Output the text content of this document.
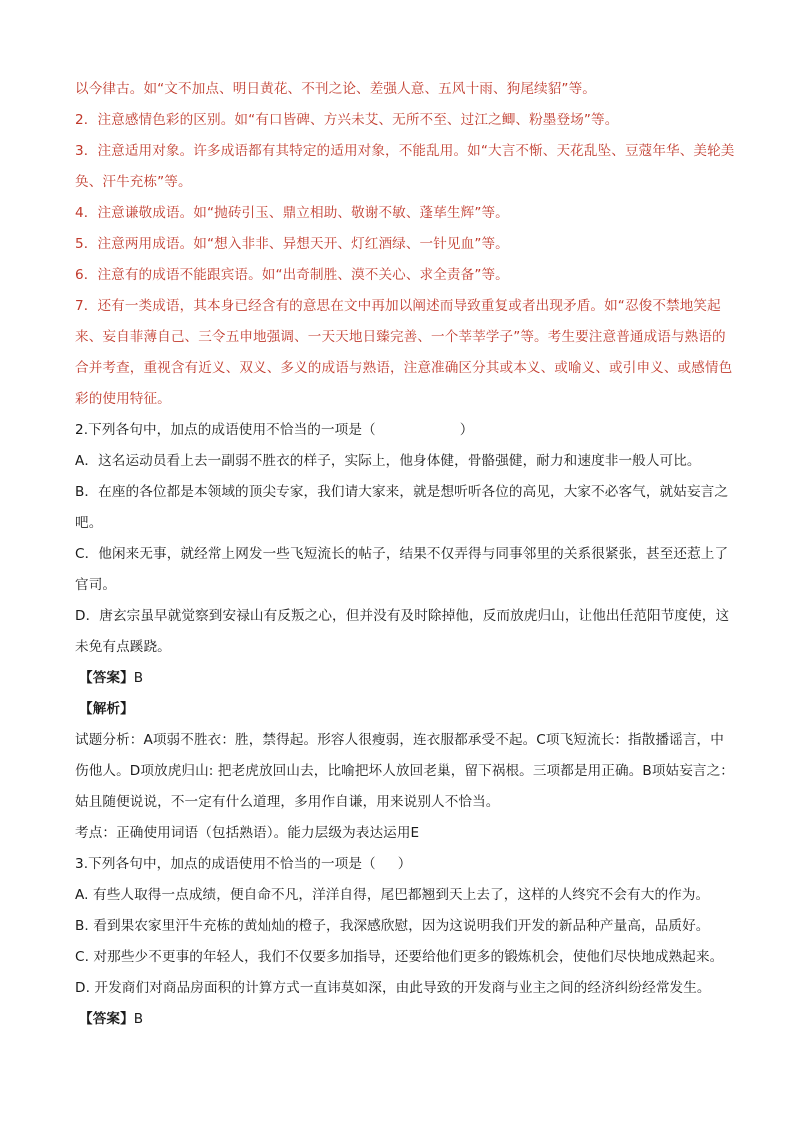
以今律古。如“文不加点、明日黄花、不刊之论、差强人意、五风十雨、狗尾续貂”等。

2．注意感情色彩的区别。如“有口皆碑、方兴未艾、无所不至、过江之鲫、粉墨登场”等。

3．注意适用对象。许多成语都有其特定的适用对象，不能乱用。如“大言不惭、天花乱坠、豆蔻年华、美轮美奂、汗牛充栋”等。

4．注意谦敬成语。如“抛砖引玉、鼎立相助、敬谢不敏、蓬荜生辉”等。

5．注意两用成语。如“想入非非、异想天开、灯红酒绿、一针见血”等。

6．注意有的成语不能跟宾语。如“出奇制胜、漠不关心、求全责备”等。

7．还有一类成语，其本身已经含有的意思在文中再加以阐述而导致重复或者出现矛盾。如“忍俊不禁地笑起来、妄自菲薄自己、三令五申地强调、一天天地日臻完善、一个莘莘学子”等。考生要注意普通成语与熟语的合并考查，重视含有近义、双义、多义的成语与熟语，注意准确区分其或本义、或喻义、或引申义、或感情色彩的使用特征。

2.下列各句中，加点的成语使用不恰当的一项是（	）

A．这名运动员看上去一副弱不胜衣的样子，实际上，他身体健，骨骼强健，耐力和速度非一般人可比。

B．在座的各位都是本领域的顶尖专家，我们请大家来，就是想听听各位的高见，大家不必客气，就姑妄言之吧。

C．他闲来无事，就经常上网发一些飞短流长的帖子，结果不仅弄得与同事邻里的关系很紧张，甚至还惹上了官司。

D．唐玄宗虽早就觉察到安禄山有反叛之心，但并没有及时除掉他，反而放虎归山，让他出任范阳节度使，这未免有点蹊跷。

【答案】B

【解析】

试题分析：A项弱不胜衣：胜，禁得起。形容人很瘦弱，连衣服都承受不起。C项飞短流长：指散播谣言，中伤他人。D项放虎归山: 把老虎放回山去，比喻把坏人放回老巢，留下祸根。三项都是用正确。B项姑妄言之：姑且随便说说，不一定有什么道理，多用作自谦，用来说别人不恰当。

考点：正确使用词语（包括熟语）。能力层级为表达运用E

3.下列各句中，加点的成语使用不恰当的一项是（ ）

A. 有些人取得一点成绩，便自命不凡，洋洋自得，尾巴都翘到天上去了，这样的人终究不会有大的作为。

B. 看到果农家里汗牛充栋的黄灿灿的橙子，我深感欣慰，因为这说明我们开发的新品种产量高，品质好。

C. 对那些少不更事的年轻人，我们不仅要多加指导，还要给他们更多的锻炼机会，使他们尽快地成熟起来。

D. 开发商们对商品房面积的计算方式一直讳莫如深，由此导致的开发商与业主之间的经济纠纷经常发生。

【答案】B
